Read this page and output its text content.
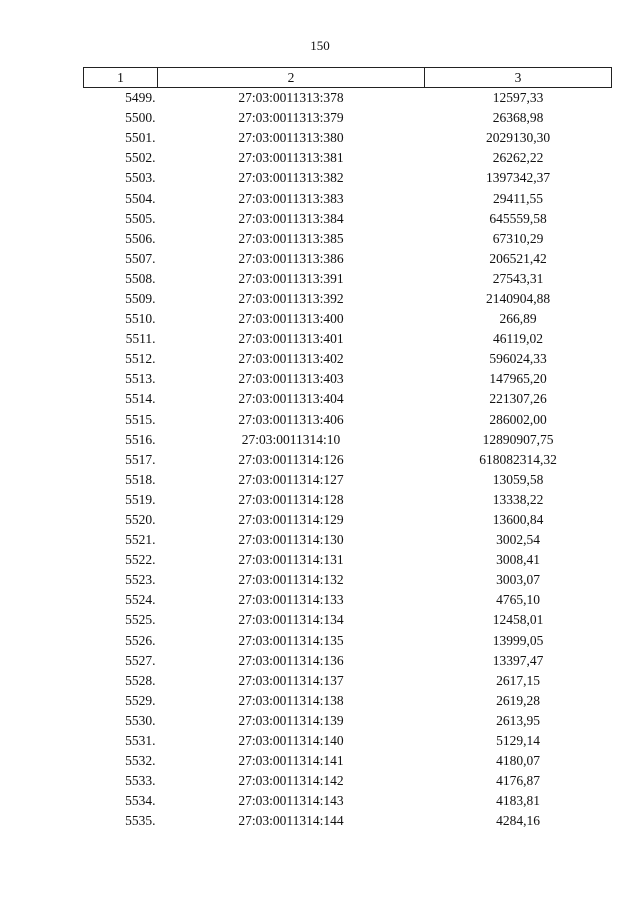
150
1	2	3
5499.	27:03:0011313:378	12597,33
5500.	27:03:0011313:379	26368,98
5501.	27:03:0011313:380	2029130,30
5502.	27:03:0011313:381	26262,22
5503.	27:03:0011313:382	1397342,37
5504.	27:03:0011313:383	29411,55
5505.	27:03:0011313:384	645559,58
5506.	27:03:0011313:385	67310,29
5507.	27:03:0011313:386	206521,42
5508.	27:03:0011313:391	27543,31
5509.	27:03:0011313:392	2140904,88
5510.	27:03:0011313:400	266,89
5511.	27:03:0011313:401	46119,02
5512.	27:03:0011313:402	596024,33
5513.	27:03:0011313:403	147965,20
5514.	27:03:0011313:404	221307,26
5515.	27:03:0011313:406	286002,00
5516.	27:03:0011314:10	12890907,75
5517.	27:03:0011314:126	618082314,32
5518.	27:03:0011314:127	13059,58
5519.	27:03:0011314:128	13338,22
5520.	27:03:0011314:129	13600,84
5521.	27:03:0011314:130	3002,54
5522.	27:03:0011314:131	3008,41
5523.	27:03:0011314:132	3003,07
5524.	27:03:0011314:133	4765,10
5525.	27:03:0011314:134	12458,01
5526.	27:03:0011314:135	13999,05
5527.	27:03:0011314:136	13397,47
5528.	27:03:0011314:137	2617,15
5529.	27:03:0011314:138	2619,28
5530.	27:03:0011314:139	2613,95
5531.	27:03:0011314:140	5129,14
5532.	27:03:0011314:141	4180,07
5533.	27:03:0011314:142	4176,87
5534.	27:03:0011314:143	4183,81
5535.	27:03:0011314:144	4284,16
